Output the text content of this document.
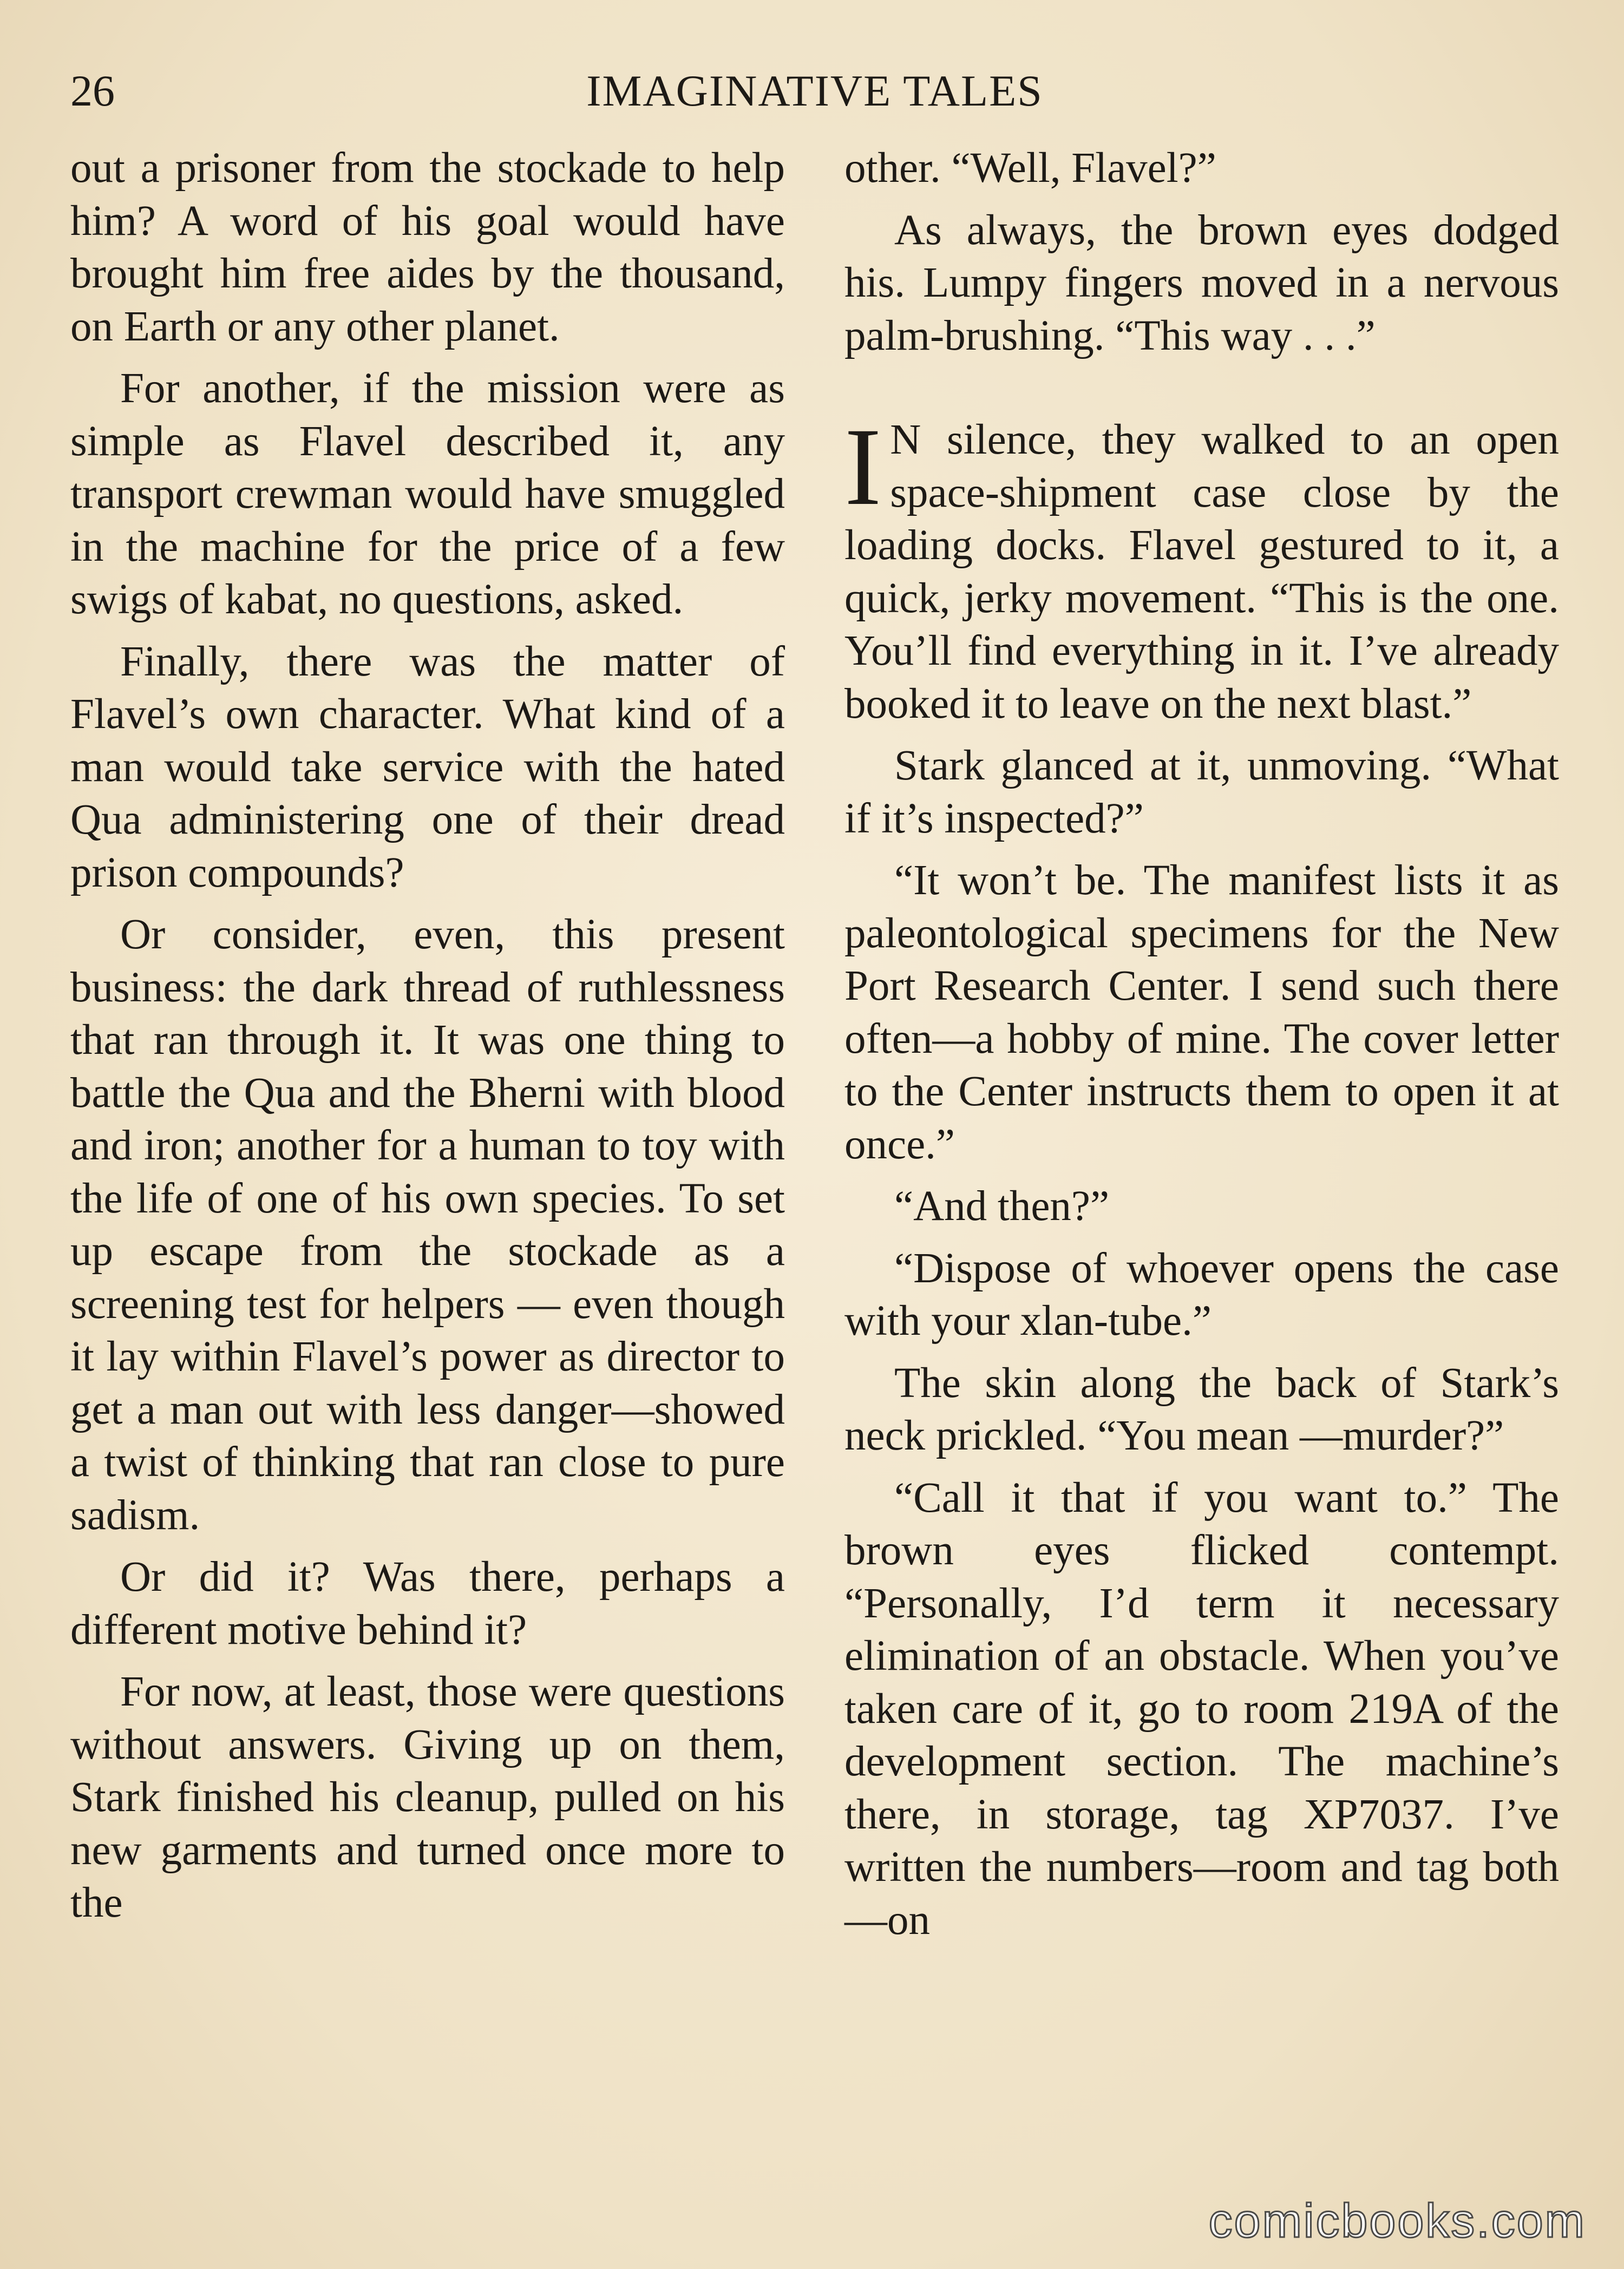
26	IMAGINATIVE TALES

out a prisoner from the stockade to help him? A word of his goal would have brought him free aides by the thousand, on Earth or any other planet.

For another, if the mission were as simple as Flavel described it, any transport crewman would have smuggled in the machine for the price of a few swigs of kabat, no questions, asked.

Finally, there was the matter of Flavel’s own character. What kind of a man would take service with the hated Qua administering one of their dread prison compounds?

Or consider, even, this present business: the dark thread of ruthlessness that ran through it. It was one thing to battle the Qua and the Bherni with blood and iron; another for a human to toy with the life of one of his own species. To set up escape from the stockade as a screening test for helpers — even though it lay within Flavel’s power as director to get a man out with less danger—showed a twist of thinking that ran close to pure sadism.

Or did it? Was there, perhaps a different motive behind it?

For now, at least, those were questions without answers. Giving up on them, Stark finished his cleanup, pulled on his new garments and turned once more to the

other. “Well, Flavel?”

As always, the brown eyes dodged his. Lumpy fingers moved in a nervous palm-brushing. “This way . . .”

I N silence, they walked to an open space-shipment case close by the loading docks. Flavel gestured to it, a quick, jerky movement. “This is the one. You’ll find everything in it. I’ve already booked it to leave on the next blast.”

Stark glanced at it, unmoving. “What if it’s inspected?”

“It won’t be. The manifest lists it as paleontological specimens for the New Port Research Center. I send such there often—a hobby of mine. The cover letter to the Center instructs them to open it at once.”

“And then?”

“Dispose of whoever opens the case with your xlan-tube.”

The skin along the back of Stark’s neck prickled. “You mean —murder?”

“Call it that if you want to.” The brown eyes flicked contempt. “Personally, I’d term it necessary elimination of an obstacle. When you’ve taken care of it, go to room 219A of the development section. The machine’s there, in storage, tag XP7037. I’ve written the numbers—room and tag both—on

comicbooks.com
